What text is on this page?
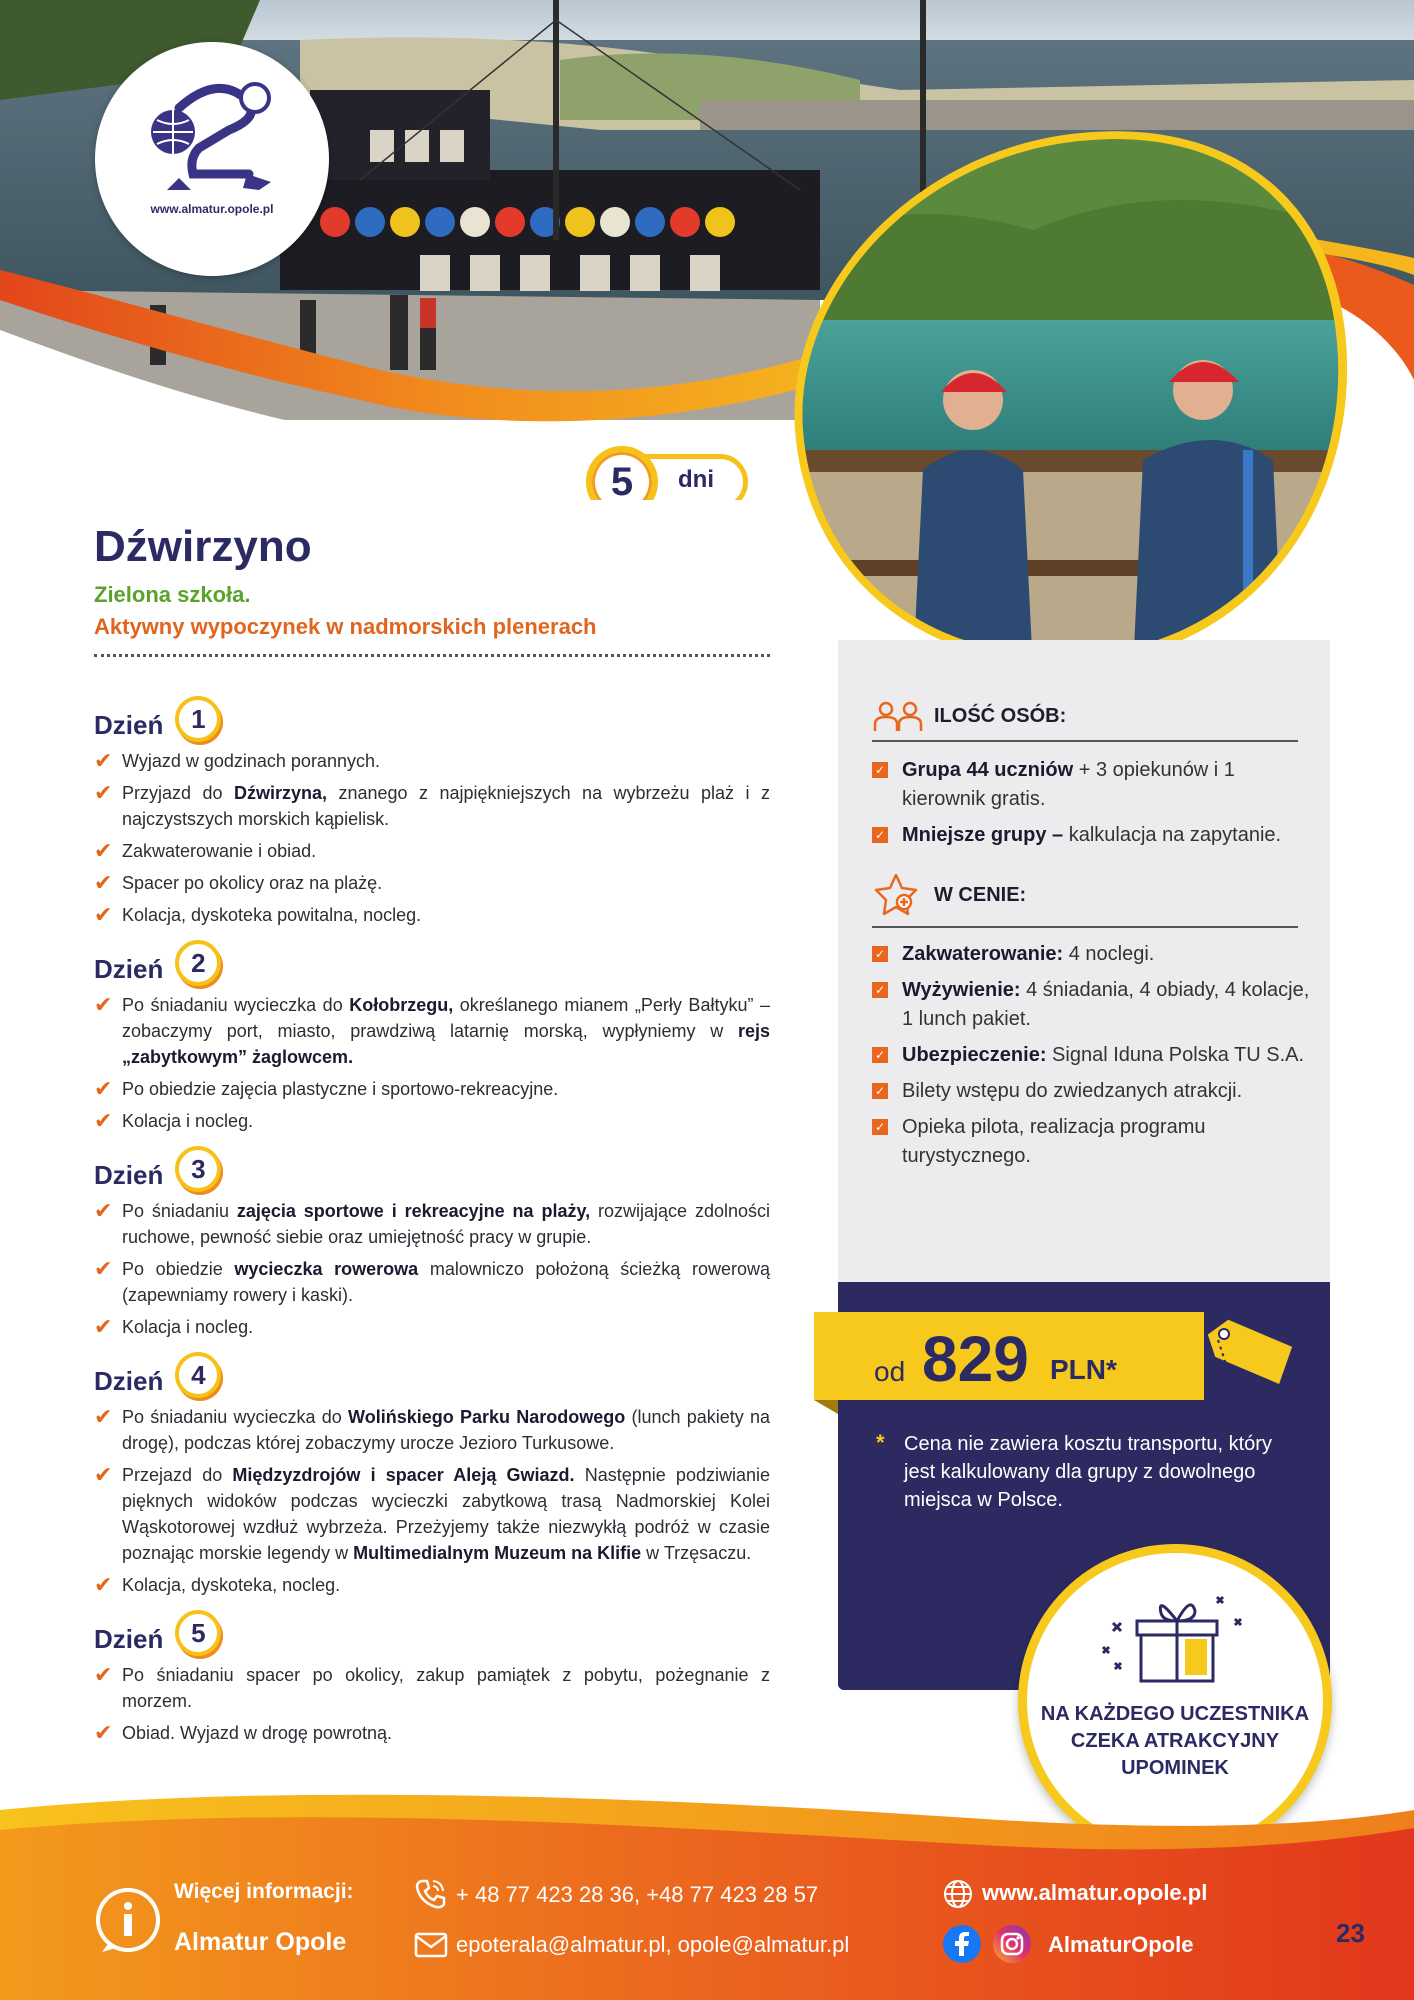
www.almatur.opole.pl
5	dni
Dźwirzyno
Zielona szkoła.
Aktywny wypoczynek w nadmorskich plenerach
Dzień	1
✔ Wyjazd w godzinach porannych.
✔ Przyjazd do Dźwirzyna, znanego z najpiękniejszych na wybrzeżu plaż i z najczystszych morskich kąpielisk.
✔ Zakwaterowanie i obiad.
✔ Spacer po okolicy oraz na plażę.
✔ Kolacja, dyskoteka powitalna, nocleg.
Dzień	2
✔ Po śniadaniu wycieczka do Kołobrzegu, określanego mianem „Perły Bałtyku” – zobaczymy port, miasto, prawdziwą latarnię morską, wypłyniemy w rejs „zabytkowym” żaglowcem.
✔ Po obiedzie zajęcia plastyczne i sportowo-rekreacyjne.
✔ Kolacja i nocleg.
Dzień	3
✔ Po śniadaniu zajęcia sportowe i rekreacyjne na plaży, rozwijające zdolności ruchowe, pewność siebie oraz umiejętność pracy w grupie.
✔ Po obiedzie wycieczka rowerowa malowniczo położoną ścieżką rowerową (zapewniamy rowery i kaski).
✔ Kolacja i nocleg.
Dzień	4
✔ Po śniadaniu wycieczka do Wolińskiego Parku Narodowego (lunch pakiety na drogę), podczas której zobaczymy urocze Jezioro Turkusowe.
✔ Przejazd do Międzyzdrojów i spacer Aleją Gwiazd. Następnie podziwianie pięknych widoków podczas wycieczki zabytkową trasą Nadmorskiej Kolei Wąskotorowej wzdłuż wybrzeża. Przeżyjemy także niezwykłą podróż w czasie poznając morskie legendy w Multimedialnym Muzeum na Klifie w Trzęsaczu.
✔ Kolacja, dyskoteka, nocleg.
Dzień	5
✔ Po śniadaniu spacer po okolicy, zakup pamiątek z pobytu, pożegnanie z morzem.
✔ Obiad. Wyjazd w drogę powrotną.
ILOŚĆ OSÓB:
✓ Grupa 44 uczniów + 3 opiekunów i 1 kierownik gratis.
✓ Mniejsze grupy – kalkulacja na zapytanie.
W CENIE:
✓ Zakwaterowanie: 4 noclegi.
✓ Wyżywienie: 4 śniadania, 4 obiady, 4 kolacje, 1 lunch pakiet.
✓ Ubezpieczenie: Signal Iduna Polska TU S.A.
✓ Bilety wstępu do zwiedzanych atrakcji.
✓ Opieka pilota, realizacja programu turystycznego.
od 829 PLN*
* Cena nie zawiera kosztu transportu, który jest kalkulowany dla grupy z dowolnego miejsca w Polsce.
NA KAŻDEGO UCZESTNIKA CZEKA ATRAKCYJNY UPOMINEK
Więcej informacji:
Almatur Opole
+ 48 77 423 28 36, +48 77 423 28 57
epoterala@almatur.pl, opole@almatur.pl
www.almatur.opole.pl
AlmaturOpole	23
